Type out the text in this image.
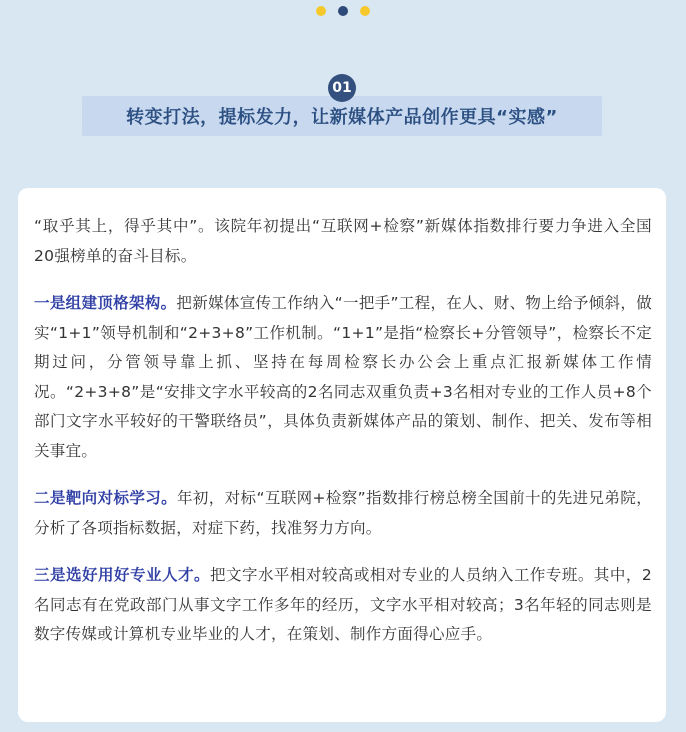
01
转变打法，提标发力，让新媒体产品创作更具“实感”

“取乎其上，得乎其中”。该院年初提出“互联网+检察”新媒体指数排行要力争进入全国20强榜单的奋斗目标。

一是组建顶格架构。把新媒体宣传工作纳入“一把手”工程，在人、财、物上给予倾斜，做实“1+1”领导机制和“2+3+8”工作机制。“1+1”是指“检察长+分管领导”，检察长不定期过问，分管领导靠上抓、坚持在每周检察长办公会上重点汇报新媒体工作情况。“2+3+8”是“安排文字水平较高的2名同志双重负责+3名相对专业的工作人员+8个部门文字水平较好的干警联络员”，具体负责新媒体产品的策划、制作、把关、发布等相关事宜。

二是靶向对标学习。年初，对标“互联网+检察”指数排行榜总榜全国前十的先进兄弟院，分析了各项指标数据，对症下药，找准努力方向。

三是选好用好专业人才。把文字水平相对较高或相对专业的人员纳入工作专班。其中，2名同志有在党政部门从事文字工作多年的经历，文字水平相对较高；3名年轻的同志则是数字传媒或计算机专业毕业的人才，在策划、制作方面得心应手。
